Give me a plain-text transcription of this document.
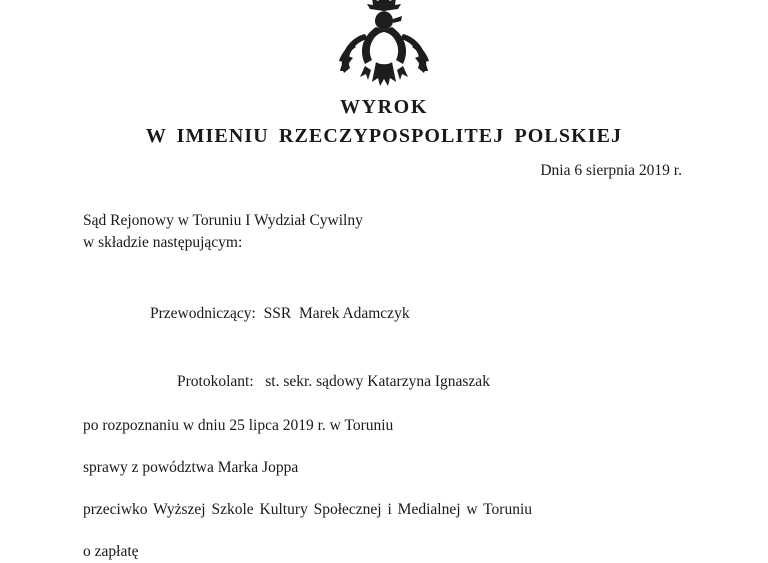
WYROK
W IMIENIU RZECZYPOSPOLITEJ POLSKIEJ
Dnia 6 sierpnia 2019 r.

Sąd Rejonowy w Toruniu I Wydział Cywilny

w składzie następującym:

Przewodniczący: SSR  Marek Adamczyk

Protokolant: st. sekr. sądowy Katarzyna Ignaszak

po rozpoznaniu w dniu 25 lipca 2019 r. w Toruniu

sprawy z powództwa Marka Joppa

przeciwko Wyższej Szkole Kultury Społecznej i Medialnej w Toruniu

o zapłatę
